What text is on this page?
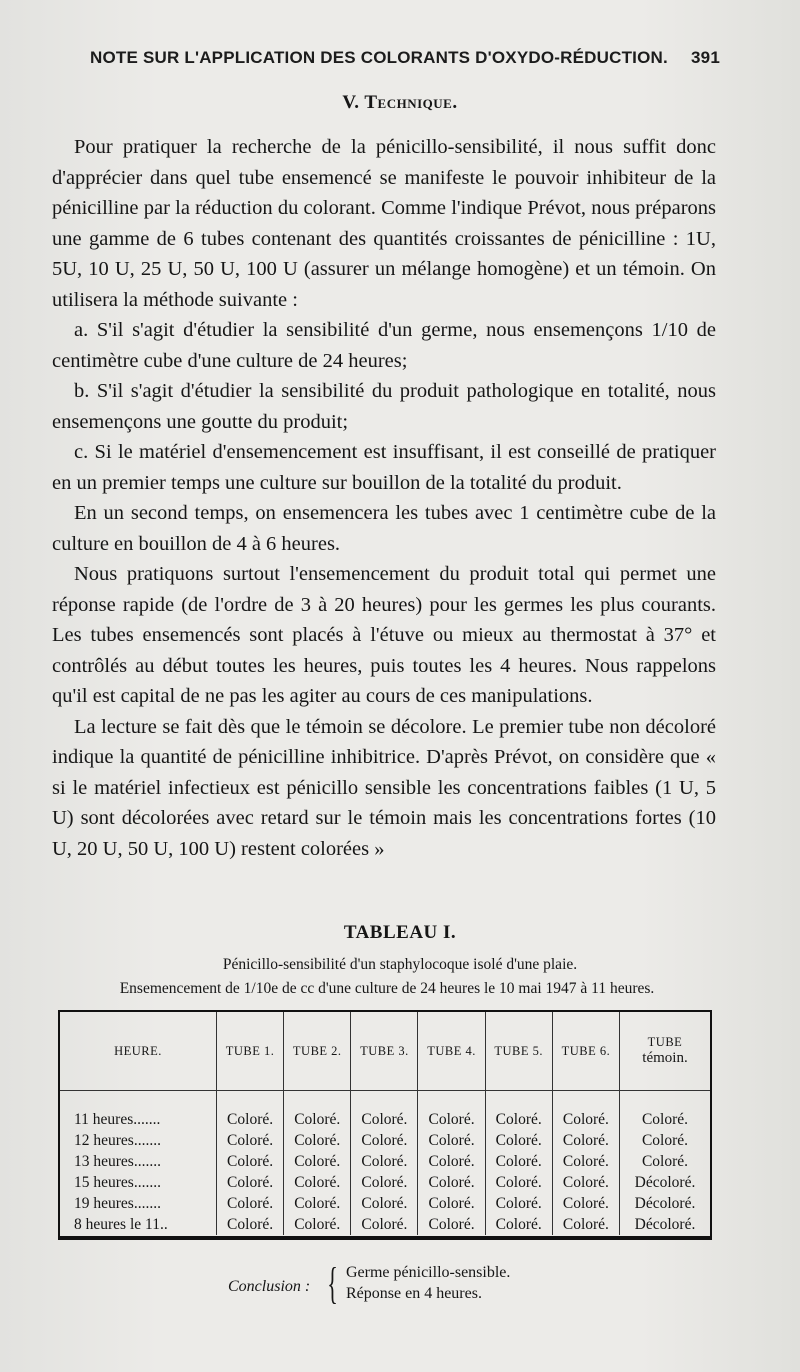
NOTE SUR L'APPLICATION DES COLORANTS D'OXYDO-RÉDUCTION. 391
V. Technique.

Pour pratiquer la recherche de la pénicillo-sensibilité, il nous suffit donc d'apprécier dans quel tube ensemencé se manifeste le pouvoir inhibiteur de la pénicilline par la réduction du colorant. Comme l'indique Prévot, nous préparons une gamme de 6 tubes contenant des quantités croissantes de pénicilline : 1U, 5U, 10 U, 25 U, 50 U, 100 U (assurer un mélange homogène) et un témoin. On utilisera la méthode suivante :

a. S'il s'agit d'étudier la sensibilité d'un germe, nous ensemençons 1/10 de centimètre cube d'une culture de 24 heures;

b. S'il s'agit d'étudier la sensibilité du produit pathologique en totalité, nous ensemençons une goutte du produit;

c. Si le matériel d'ensemencement est insuffisant, il est conseillé de pratiquer en un premier temps une culture sur bouillon de la totalité du produit.

En un second temps, on ensemencera les tubes avec 1 centimètre cube de la culture en bouillon de 4 à 6 heures.

Nous pratiquons surtout l'ensemencement du produit total qui permet une réponse rapide (de l'ordre de 3 à 20 heures) pour les germes les plus courants. Les tubes ensemencés sont placés à l'étuve ou mieux au thermostat à 37° et contrôlés au début toutes les heures, puis toutes les 4 heures. Nous rappelons qu'il est capital de ne pas les agiter au cours de ces manipulations.

La lecture se fait dès que le témoin se décolore. Le premier tube non décoloré indique la quantité de pénicilline inhibitrice. D'après Prévot, on considère que « si le matériel infectieux est pénicillo sensible les concentrations faibles (1 U, 5 U) sont décolorées avec retard sur le témoin mais les concentrations fortes (10 U, 20 U, 50 U, 100 U) restent colorées »

TABLEAU I.
Pénicillo-sensibilité d'un staphylocoque isolé d'une plaie.
Ensemencement de 1/10e de cc d'une culture de 24 heures le 10 mai 1947 à 11 heures.
HEURE.	TUBE 1.	TUBE 2.	TUBE 3.	TUBE 4.	TUBE 5.	TUBE 6.	TUBE
témoin.

11 heures.......	Coloré.	Coloré.	Coloré.	Coloré.	Coloré.	Coloré.	Coloré.
12 heures.......	Coloré.	Coloré.	Coloré.	Coloré.	Coloré.	Coloré.	Coloré.
13 heures.......	Coloré.	Coloré.	Coloré.	Coloré.	Coloré.	Coloré.	Coloré.
15 heures.......	Coloré.	Coloré.	Coloré.	Coloré.	Coloré.	Coloré.	Décoloré.
19 heures.......	Coloré.	Coloré.	Coloré.	Coloré.	Coloré.	Coloré.	Décoloré.
8 heures le 11..	Coloré.	Coloré.	Coloré.	Coloré.	Coloré.	Coloré.	Décoloré.
Conclusion : { Germe pénicillo-sensible.
Réponse en 4 heures.
